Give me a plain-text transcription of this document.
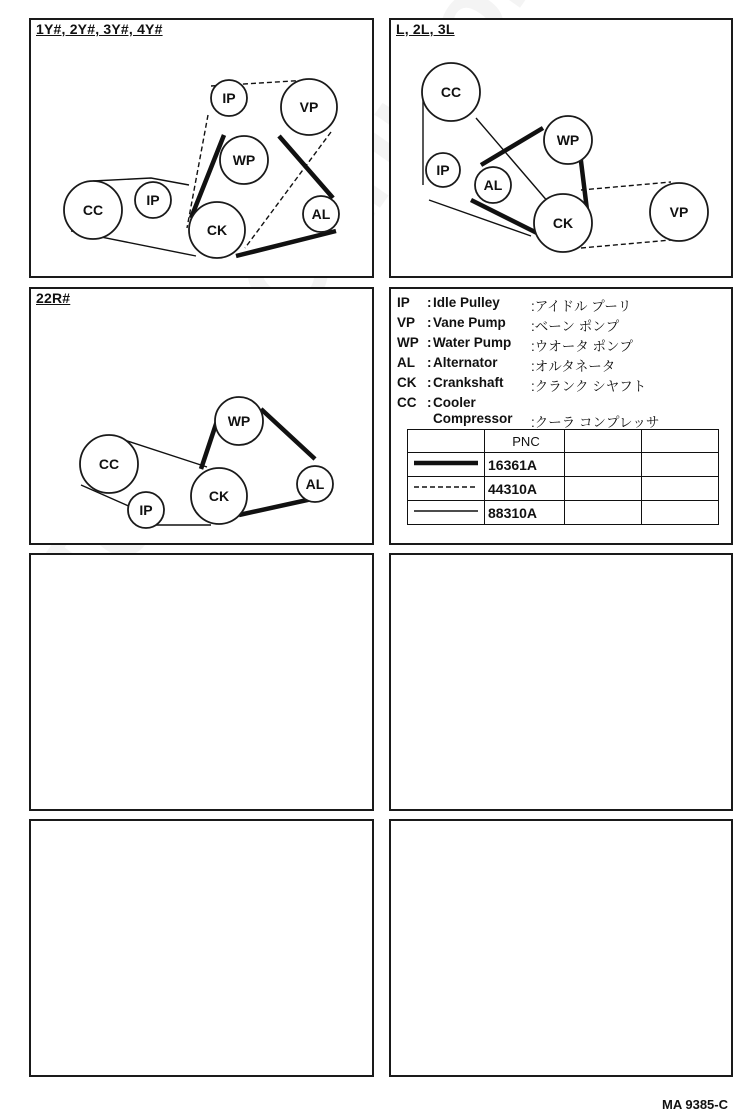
1Y#, 2Y#, 3Y#, 4Y#
IP
VP
WP
CC
IP
CK
AL
L, 2L, 3L
CC
WP
IP
AL
CK
VP
22R#
WP
CC
IP
CK
AL
IP : Idle Pulley :アイドル プーリ
VP : Vane Pump :ベーン ポンプ
WP : Water Pump :ウオータ ポンプ
AL : Alternator :オルタネータ
CK : Crankshaft :クランク シヤフト
CC : Cooler
Compressor :クーラ コンプレッサ
	PNC		
	16361A		
	44310A		
	88310A		
MA 9385-C
